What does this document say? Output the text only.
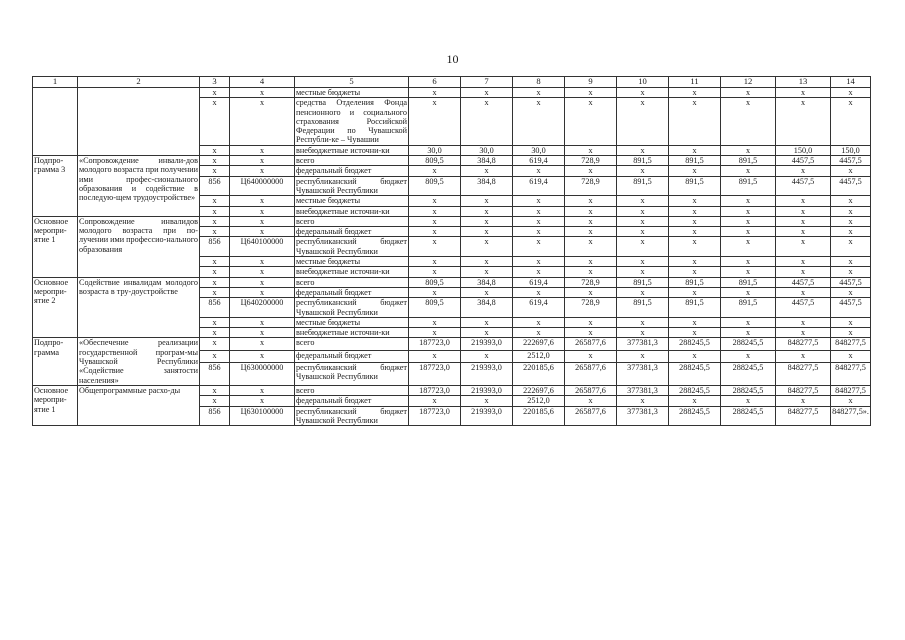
10
1	2	3	4	5	6	7	8	9	10	11	12	13	14
		x	x	местные бюджеты	x	x	x	x	x	x	x	x	x
		x	x	средства Отделения Фонда пенсионного и социального страхования Российской Федерации по Чувашской Республи-ке – Чувашии	x	x	x	x	x	x	x	x	x
		x	x	внебюджетные источни-ки	30,0	30,0	30,0	x	x	x	x	150,0	150,0
Подпро-грамма 3	«Сопровождение инвали-дов молодого возраста при получении ими профес-сионального образования и содействие в последую-щем трудоустройстве»	x	x	всего	809,5	384,8	619,4	728,9	891,5	891,5	891,5	4457,5	4457,5
		x	x	федеральный бюджет	x	x	x	x	x	x	x	x	x
		856	Ц640000000	республиканский бюджет Чувашской Республики	809,5	384,8	619,4	728,9	891,5	891,5	891,5	4457,5	4457,5
		x	x	местные бюджеты	x	x	x	x	x	x	x	x	x
		x	x	внебюджетные источни-ки	x	x	x	x	x	x	x	x	x
Основное меропри-ятие 1	Сопровождение инвалидов молодого возраста при по-лучении ими профессио-нального образования	x	x	всего	x	x	x	x	x	x	x	x	x
		x	x	федеральный бюджет	x	x	x	x	x	x	x	x	x
		856	Ц640100000	республиканский бюджет Чувашской Республики	x	x	x	x	x	x	x	x	x
		x	x	местные бюджеты	x	x	x	x	x	x	x	x	x
		x	x	внебюджетные источни-ки	x	x	x	x	x	x	x	x	x
Основное меропри-ятие 2	Содействие инвалидам молодого возраста в тру-доустройстве	x	x	всего	809,5	384,8	619,4	728,9	891,5	891,5	891,5	4457,5	4457,5
		x	x	федеральный бюджет	x	x	x	x	x	x	x	x	x
		856	Ц640200000	республиканский бюджет Чувашской Республики	809,5	384,8	619,4	728,9	891,5	891,5	891,5	4457,5	4457,5
		x	x	местные бюджеты	x	x	x	x	x	x	x	x	x
		x	x	внебюджетные источни-ки	x	x	x	x	x	x	x	x	x
Подпро-грамма	«Обеспечение реализации государственной програм-мы Чувашской Республики «Содействие занятости населения»	x	x	всего	187723,0	219393,0	222697,6	265877,6	377381,3	288245,5	288245,5	848277,5	848277,5
		x	x	федеральный бюджет	x	x	2512,0	x	x	x	x	x	x
		856	Ц630000000	республиканский бюджет Чувашской Республики	187723,0	219393,0	220185,6	265877,6	377381,3	288245,5	288245,5	848277,5	848277,5
Основное меропри-ятие 1	Общепрограммные расхо-ды	x	x	всего	187723,0	219393,0	222697,6	265877,6	377381,3	288245,5	288245,5	848277,5	848277,5
		x	x	федеральный бюджет	x	x	2512,0	x	x	x	x	x	x
		856	Ц630100000	республиканский бюджет Чувашской Республики	187723,0	219393,0	220185,6	265877,6	377381,3	288245,5	288245,5	848277,5	848277,5».
